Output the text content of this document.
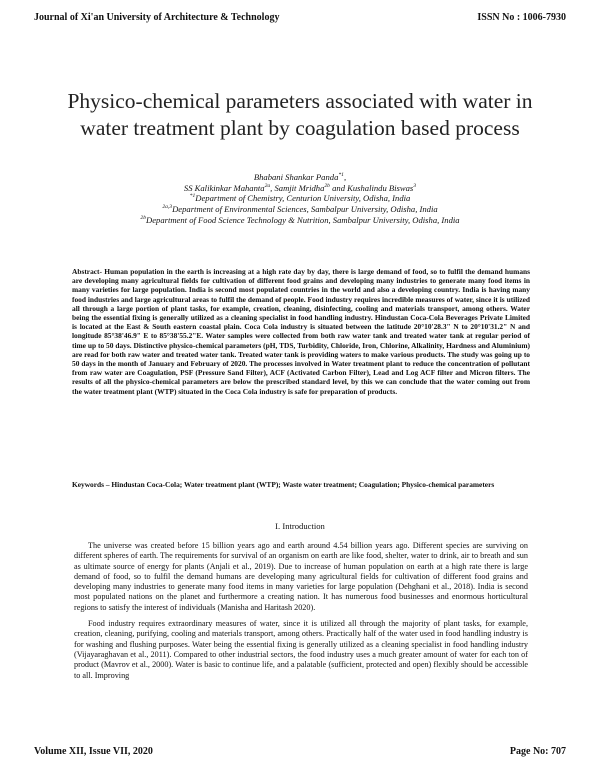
Journal of Xi'an University of Architecture & Technology	ISSN No : 1006-7930
Physico-chemical parameters associated with water in water treatment plant by coagulation based process
Bhabani Shankar Panda$^{*1}$,
SS Kalikinkar Mahanta$^{2a}$, Samjit Mridha$^{2b}$ and Kushalindu Biswas$^3$
$^{*1}$Department of Chemistry, Centurion University, Odisha, India
$^{2a,3}$Department of Environmental Sciences, Sambalpur University, Odisha, India
$^{2b}$Department of Food Science Technology & Nutrition, Sambalpur University, Odisha, India
Abstract- Human population in the earth is increasing at a high rate day by day, there is large demand of food, so to fulfil the demand humans are developing many agricultural fields for cultivation of different food grains and developing many industries to generate many food items in many varieties for large population. India is second most populated countries in the world and also a developing country. India is having many food industries and large agricultural areas to fulfil the demand of people. Food industry requires incredible measures of water, since it is utilized all through a large portion of plant tasks, for example, creation, cleaning, disinfecting, cooling and materials transport, among others. Water being the essential fixing is generally utilized as a cleaning specialist in food handling industry. Hindustan Coca-Cola Beverages Private Limited is located at the East & South eastern coastal plain. Coca Cola industry is situated between the latitude 20°10'28.3" N to 20°10'31.2" N and longitude 85°38'46.9" E to 85°38'55.2"E. Water samples were collected from both raw water tank and treated water tank at regular period of time up to 50 days. Distinctive physico-chemical parameters (pH, TDS, Turbidity, Chloride, Iron, Chlorine, Alkalinity, Hardness and Aluminium) are read for both raw water and treated water tank. Treated water tank is providing waters to make various products. The study was going up to 50 days in the month of January and February of 2020. The processes involved in Water treatment plant to reduce the concentration of pollutant from raw water are Coagulation, PSF (Pressure Sand Filter), ACF (Activated Carbon Filter), Lead and Log ACF filter and Micron filters. The results of all the physico-chemical parameters are below the prescribed standard level, by this we can conclude that the water coming out from the water treatment plant (WTP) situated in the Coca Cola industry is safe for preparation of products.
Keywords – Hindustan Coca-Cola; Water treatment plant (WTP); Waste water treatment; Coagulation; Physico-chemical parameters
I. Introduction

The universe was created before 15 billion years ago and earth around 4.54 billion years ago. Different species are surviving on different spheres of earth. The requirements for survival of an organism on earth are like food, shelter, water to drink, air to breath and sun as ultimate source of energy for plants (Anjali et al., 2019). Due to increase of human population on earth at a high rate there is large demand of food, so to fulfil the demand humans are developing many agricultural fields for cultivation of different food grains and developing many industries to generate many food items in many varieties for large population (Dehghani et al., 2018). India is second most populated nations on the planet and furthermore a creating nation. It has numerous food businesses and enormous horticultural regions to satisfy the interest of individuals (Manisha and Haritash 2020).

Food industry requires extraordinary measures of water, since it is utilized all through the majority of plant tasks, for example, creation, cleaning, purifying, cooling and materials transport, among others. Practically half of the water used in food handling industry is for washing and flushing purposes. Water being the essential fixing is generally utilized as a cleaning specialist in food handling industry (Vijayaraghavan et al., 2011). Compared to other industrial sectors, the food industry uses a much greater amount of water for each ton of product (Mavrov et al., 2000). Water is basic to continue life, and a palatable (sufficient, protected and open) flexibly should be accessible to all. Improving

Volume XII, Issue VII, 2020	Page No: 707
